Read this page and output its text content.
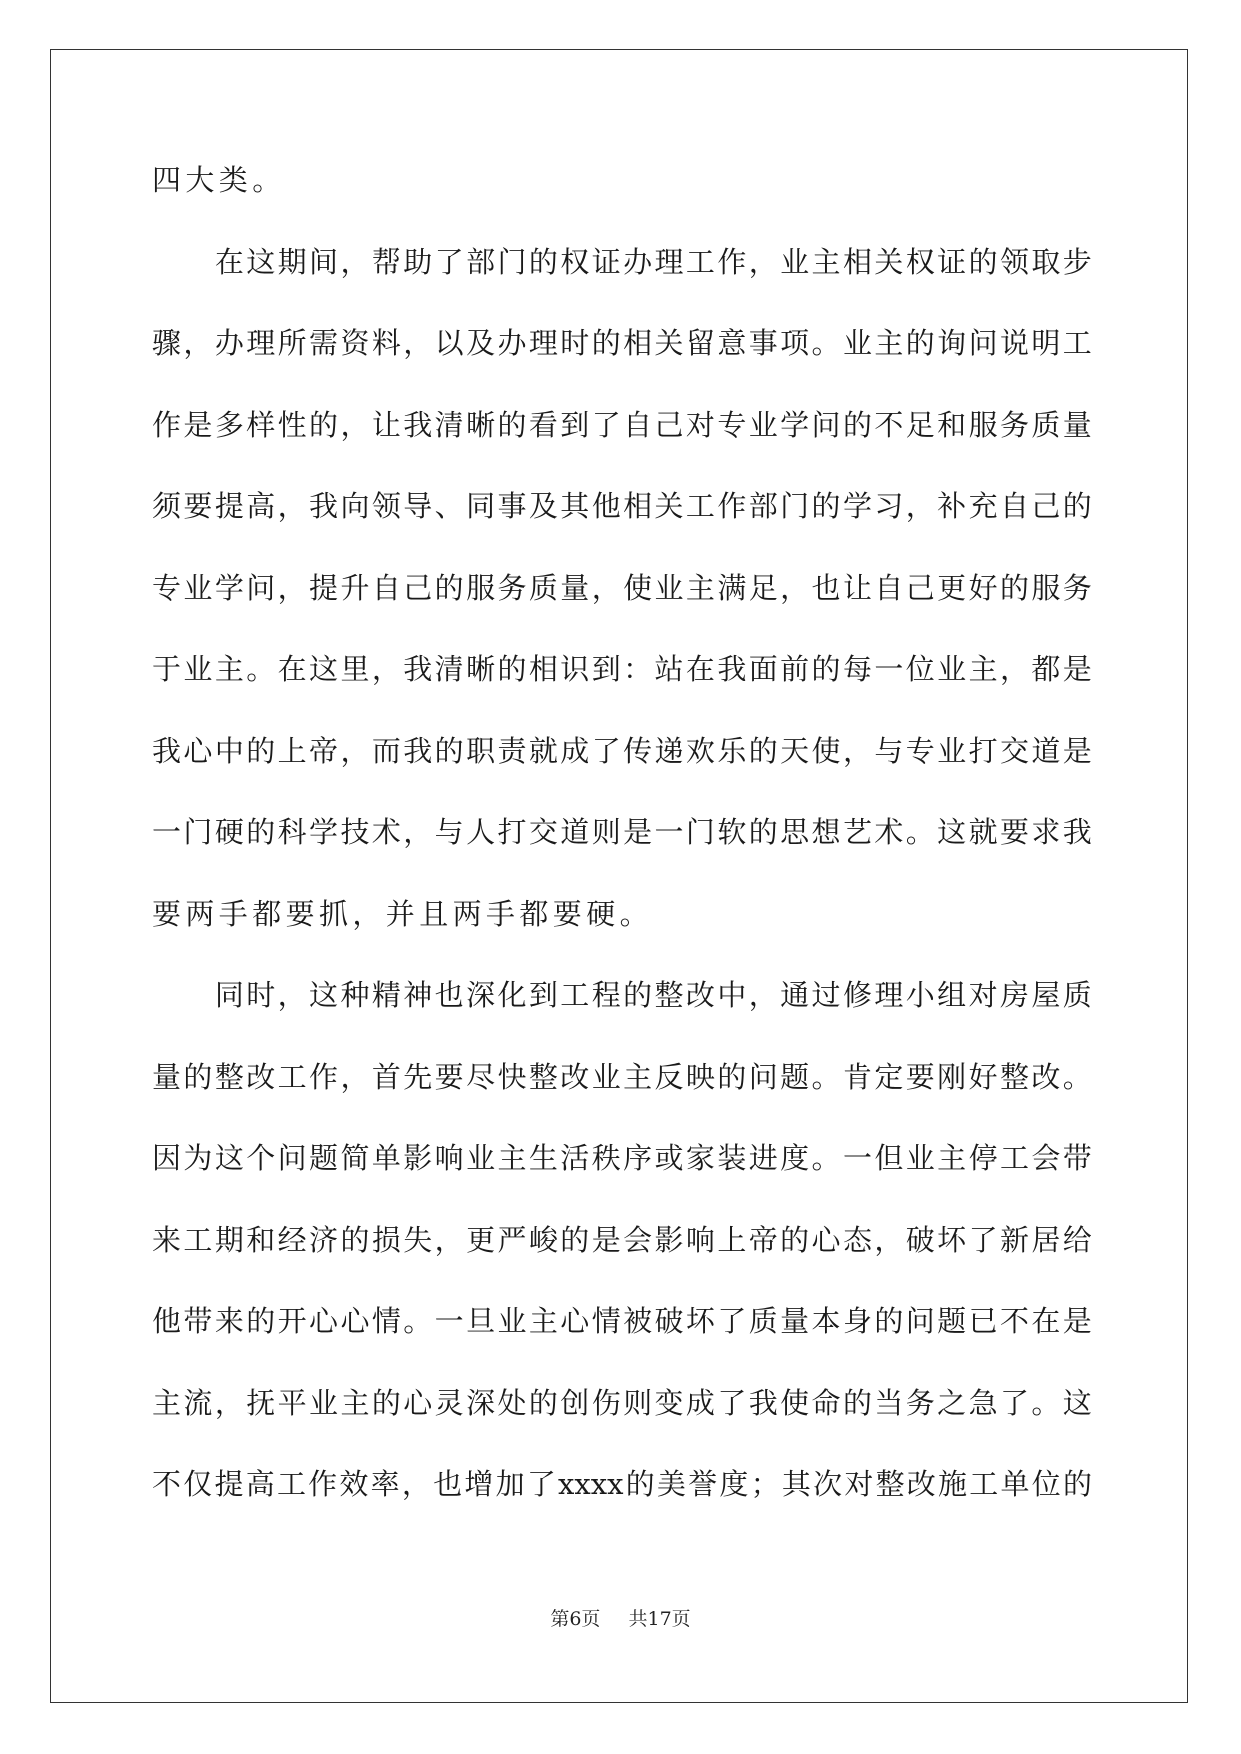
四大类。

在 这 期 间 ， 帮 助 了 部 门 的 权 证 办 理 工 作 ， 业 主 相 关 权 证 的 领 取 步
骤 ， 办 理 所 需 资 料 ， 以 及 办 理 时 的 相 关 留 意 事 项 。 业 主 的 询 问 说 明 工
作 是 多 样 性 的 ， 让 我 清 晰 的 看 到 了 自 己 对 专 业 学 问 的 不 足 和 服 务 质 量
须 要 提 高 ， 我 向 领 导 、 同 事 及 其 他 相 关 工 作 部 门 的 学 习 ， 补 充 自 己 的
专 业 学 问 ， 提 升 自 己 的 服 务 质 量 ， 使 业 主 满 足 ， 也 让 自 己 更 好 的 服 务
于 业 主 。 在 这 里 ， 我 清 晰 的 相 识 到 ： 站 在 我 面 前 的 每 一 位 业 主 ， 都 是
我 心 中 的 上 帝 ， 而 我 的 职 责 就 成 了 传 递 欢 乐 的 天 使 ， 与 专 业 打 交 道 是
一 门 硬 的 科 学 技 术 ， 与 人 打 交 道 则 是 一 门 软 的 思 想 艺 术 。 这 就 要 求 我
要两手都要抓，并且两手都要硬。

同 时 ， 这 种 精 神 也 深 化 到 工 程 的 整 改 中 ， 通 过 修 理 小 组 对 房 屋 质
量 的 整 改 工 作 ， 首 先 要 尽 快 整 改 业 主 反 映 的 问 题 。 肯 定 要 刚 好 整 改 。
因 为 这 个 问 题 简 单 影 响 业 主 生 活 秩 序 或 家 装 进 度 。 一 但 业 主 停 工 会 带
来 工 期 和 经 济 的 损 失 ， 更 严 峻 的 是 会 影 响 上 帝 的 心 态 ， 破 坏 了 新 居 给
他 带 来 的 开 心 心 情 。 一 旦 业 主 心 情 被 破 坏 了 质 量 本 身 的 问 题 已 不 在 是
主 流 ， 抚 平 业 主 的 心 灵 深 处 的 创 伤 则 变 成 了 我 使 命 的 当 务 之 急 了 。 这
不 仅 提 高 工 作 效 率 ， 也 增 加 了 xxxx 的 美 誉 度 ； 其 次 对 整 改 施 工 单 位 的
第6页 共17页
